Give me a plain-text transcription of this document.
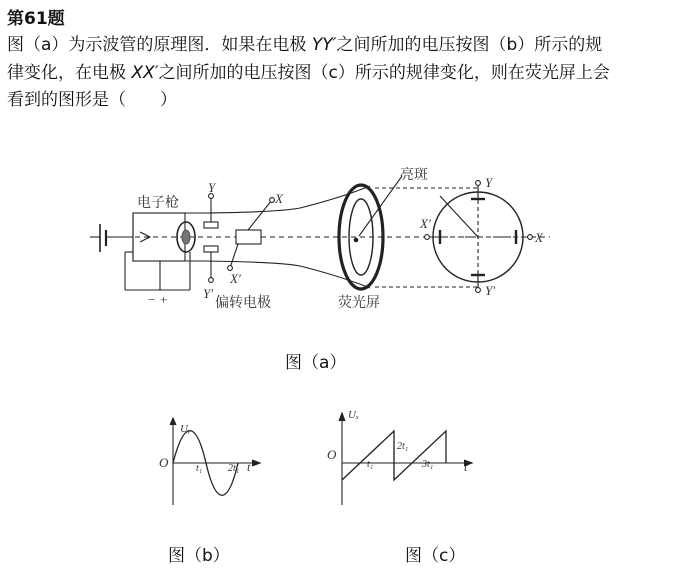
第61题
图（a）为示波管的原理图．如果在电极 YY′之间所加的电压按图（b）所示的规
律变化，在电极 XX′之间所加的电压按图（c）所示的规律变化，则在荧光屏上会
看到的图形是（　　）
电子枪
偏转电极	荧光屏
亮斑
Y
Y′
X
X′
− +
Y
Y′
X′
X
Uᵧ
O	t₁	2t₁ t
Uₓ
O
t₁
2t₁
3t₁	t
图（a）
图（b）	图（c）
